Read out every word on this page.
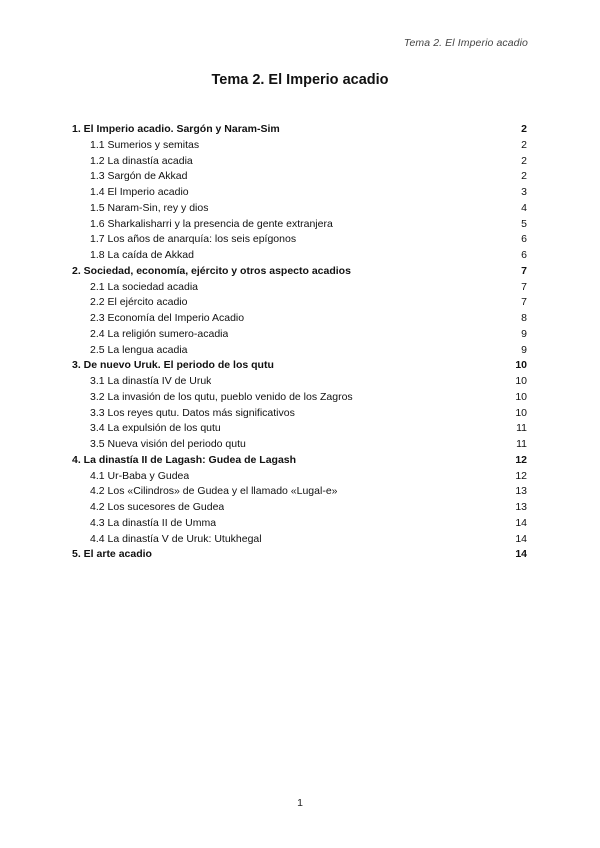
Tema 2. El Imperio acadio
Tema 2. El Imperio acadio
1. El Imperio acadio. Sargón y Naram-Sim	2
1.1 Sumerios y semitas	2
1.2 La dinastía acadia	2
1.3 Sargón de Akkad	2
1.4 El Imperio acadio	3
1.5 Naram-Sin, rey y dios	4
1.6 Sharkalisharri y la presencia de gente extranjera	5
1.7 Los años de anarquía: los seis epígonos	6
1.8 La caída de Akkad	6
2. Sociedad, economía, ejército y otros aspecto acadios	7
2.1 La sociedad acadia	7
2.2 El ejército acadio	7
2.3 Economía del Imperio Acadio	8
2.4 La religión sumero-acadia	9
2.5 La lengua acadia	9
3. De nuevo Uruk. El periodo de los qutu	10
3.1 La dinastía IV de Uruk	10
3.2 La invasión de los qutu, pueblo venido de los Zagros	10
3.3 Los reyes qutu. Datos más significativos	10
3.4 La expulsión de los qutu	11
3.5 Nueva visión del periodo qutu	11
4. La dinastía II de Lagash: Gudea de Lagash	12
4.1 Ur-Baba y Gudea	12
4.2 Los «Cilindros» de Gudea y el llamado «Lugal-e»	13
4.2 Los sucesores de Gudea	13
4.3 La dinastía II de Umma	14
4.4 La dinastía V de Uruk: Utukhegal	14
5. El arte acadio	14
1
